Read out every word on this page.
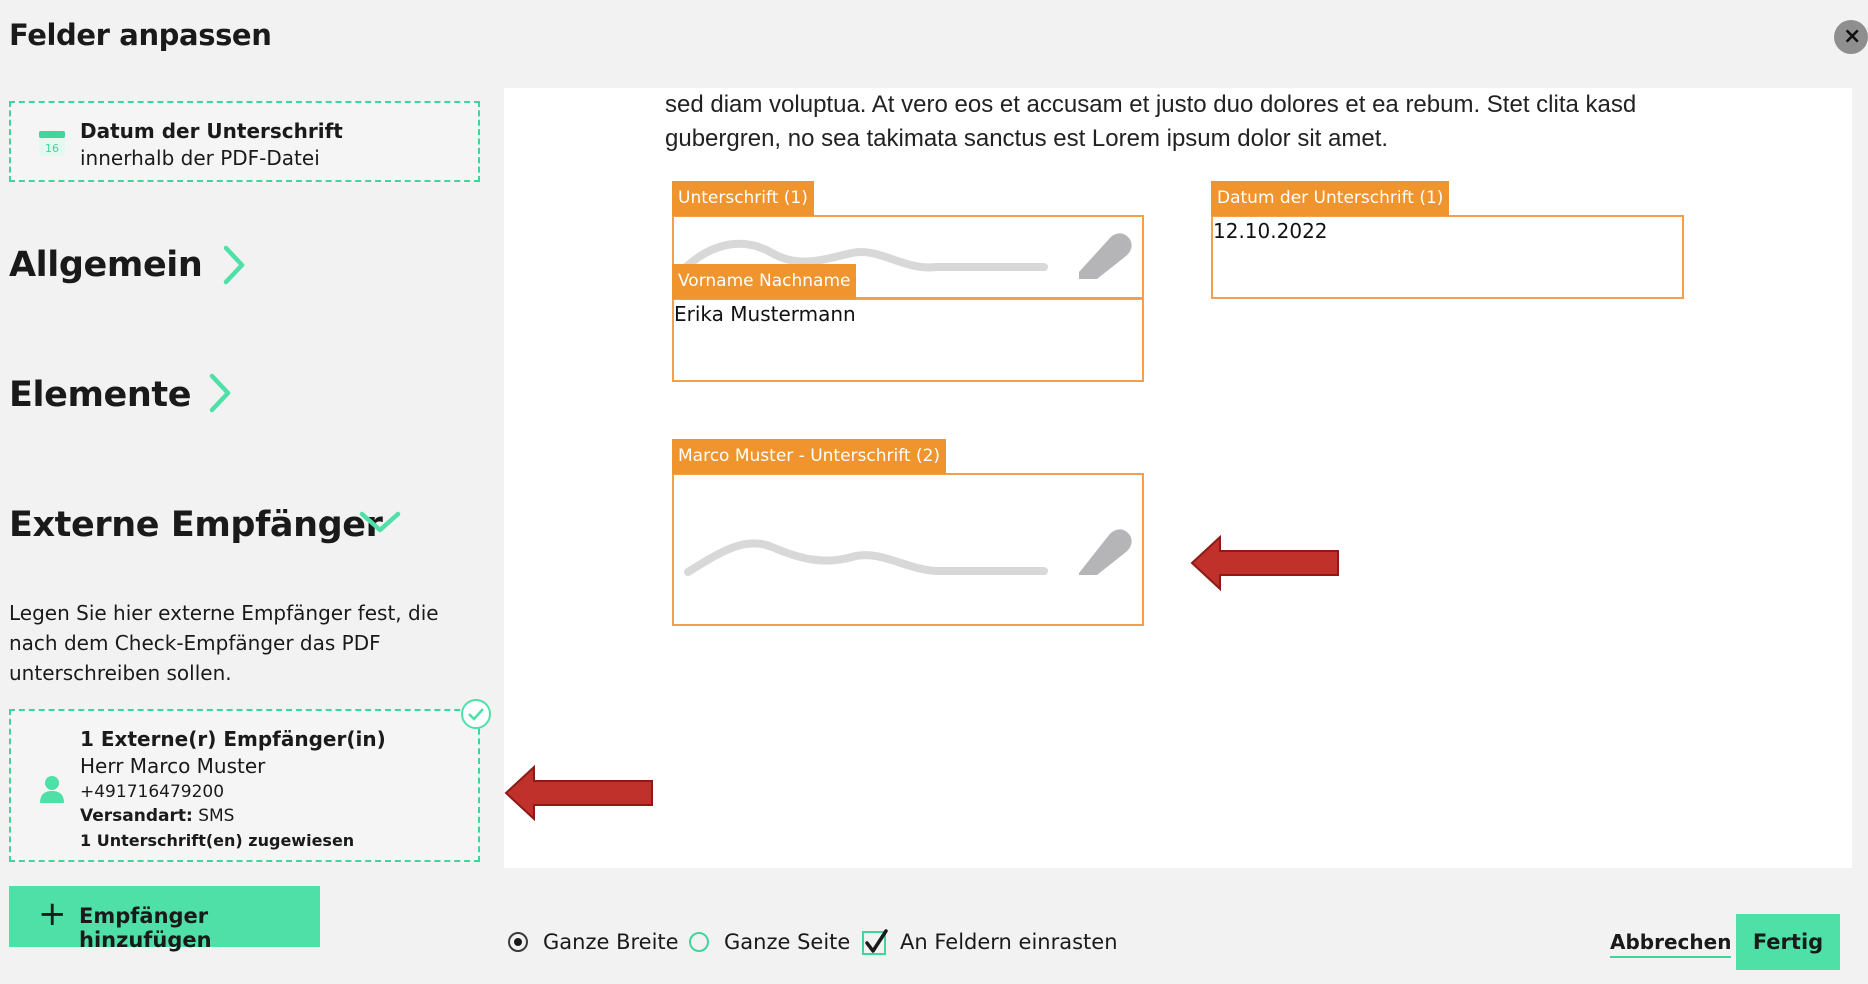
Felder anpassen	×
16
Datum der Unterschrift
innerhalb der PDF-Datei
Allgemein
Elemente
Externe Empfänger
Legen Sie hier externe Empfänger fest, die nach dem Check-Empfänger das PDF unterschreiben sollen.
1 Externe(r) Empfänger(in)
Herr Marco Muster
+491716479200
Versandart: SMS
1 Unterschrift(en) zugewiesen
+ Empfänger hinzufügen
sed diam voluptua. At vero eos et accusam et justo duo dolores et ea rebum. Stet clita kasd gubergren, no sea takimata sanctus est Lorem ipsum dolor sit amet.
Unterschrift (1)
Vorname Nachname
Erika Mustermann
Datum der Unterschrift (1)
12.10.2022
Marco Muster - Unterschrift (2)
Ganze Breite Ganze Seite An Feldern einrasten	Abbrechen	Fertig
